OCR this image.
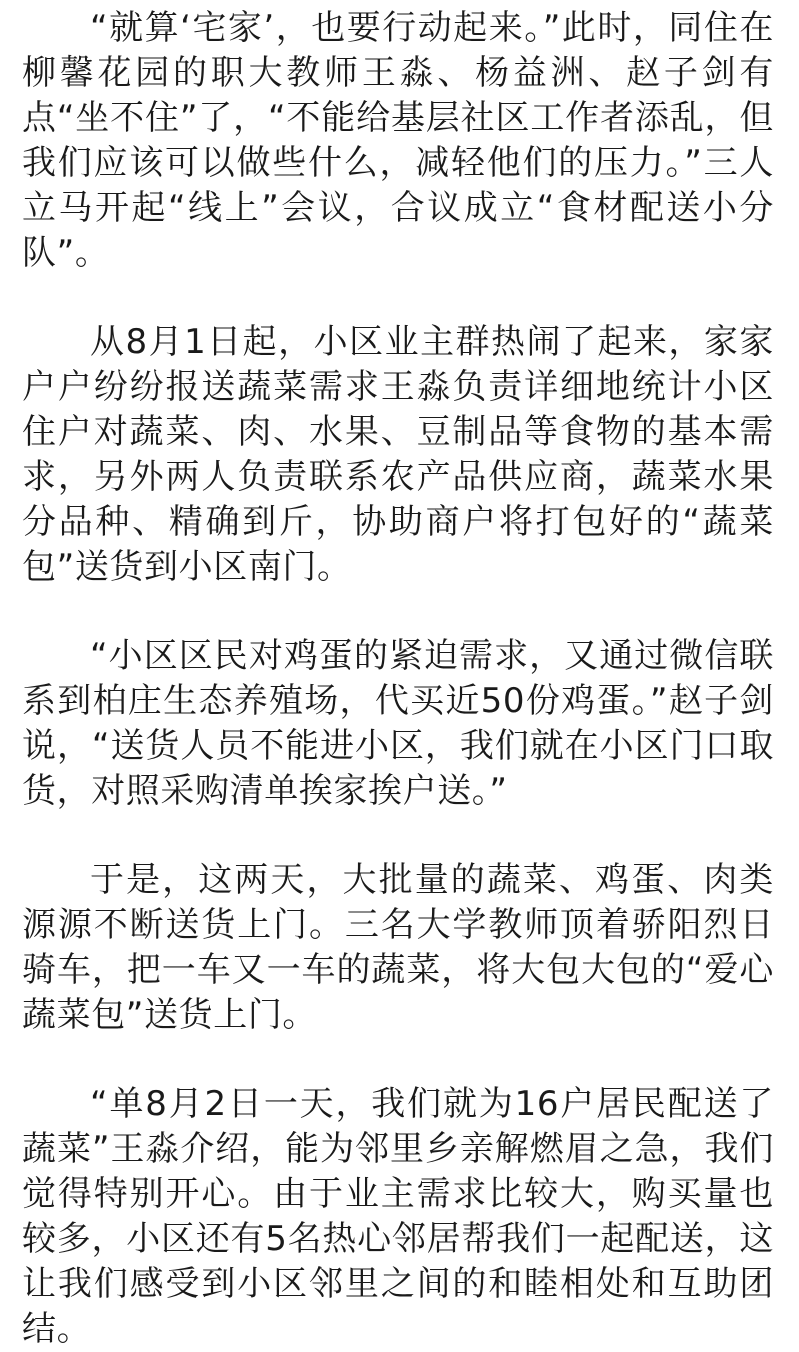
“就算‘宅家’，也要行动起来。”此时，同住在柳馨花园的职大教师王淼、杨益洲、赵子剑有点“坐不住”了，“不能给基层社区工作者添乱，但我们应该可以做些什么，减轻他们的压力。”三人立马开起“线上”会议，合议成立“食材配送小分队”。

从8月1日起，小区业主群热闹了起来，家家户户纷纷报送蔬菜需求王淼负责详细地统计小区住户对蔬菜、肉、水果、豆制品等食物的基本需求，另外两人负责联系农产品供应商，蔬菜水果分品种、精确到斤，协助商户将打包好的“蔬菜包”送货到小区南门。

“小区区民对鸡蛋的紧迫需求，又通过微信联系到柏庄生态养殖场，代买近50份鸡蛋。”赵子剑说，“送货人员不能进小区，我们就在小区门口取货，对照采购清单挨家挨户送。”

于是，这两天，大批量的蔬菜、鸡蛋、肉类源源不断送货上门。三名大学教师顶着骄阳烈日骑车，把一车又一车的蔬菜，将大包大包的“爱心蔬菜包”送货上门。

“单8月2日一天，我们就为16户居民配送了蔬菜”王淼介绍，能为邻里乡亲解燃眉之急，我们觉得特别开心。由于业主需求比较大，购买量也较多，小区还有5名热心邻居帮我们一起配送，这让我们感受到小区邻里之间的和睦相处和互助团结。
